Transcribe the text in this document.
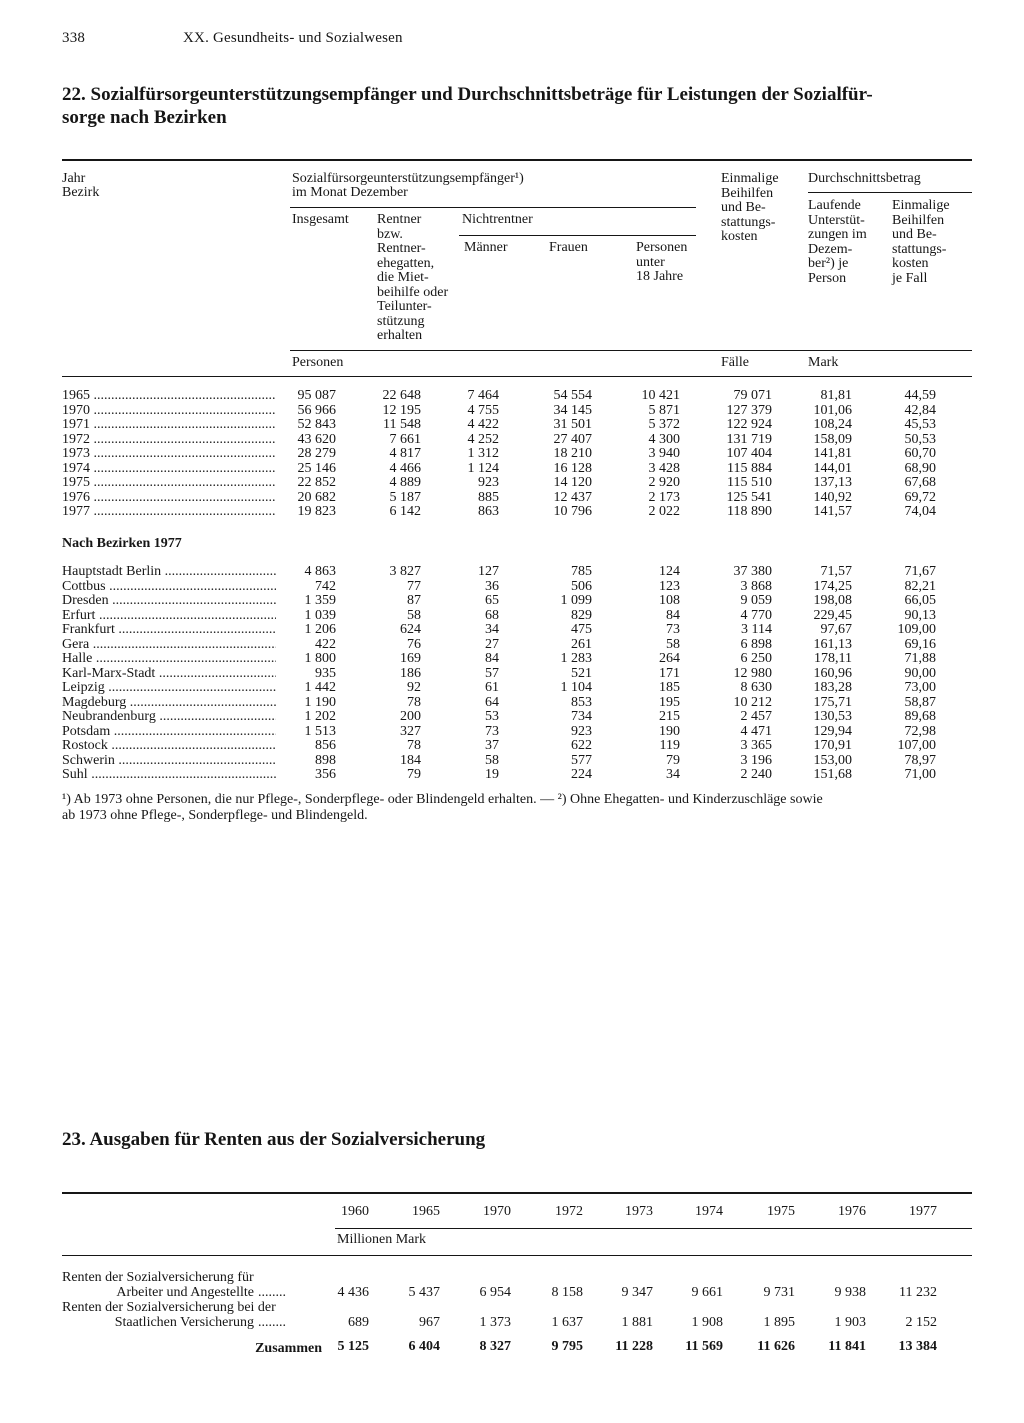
338	XX. Gesundheits- und Sozialwesen
22. Sozialfürsorgeunterstützungsempfänger und Durchschnittsbeträge für Leistungen der Sozialfür-
sorge nach Bezirken
Jahr
Bezirk
Sozialfürsorgeunterstützungsempfänger¹)
im Monat Dezember
Insgesamt Rentner
bzw.
Rentner-
ehegatten,
die Miet-
beihilfe oder
Teilunter-
stützung
erhalten
Nichtrentner
Männer	Frauen	Personen
unter
18 Jahre
Einmalige
Beihilfen
und Be-
stattungs-
kosten
Durchschnittsbetrag
Laufende
Unterstüt-
zungen im
Dezem-
ber²) je
Person
Einmalige
Beihilfen
und Be-
stattungs-
kosten
je Fall
Personen	Fälle	Mark
1965 .....	95 087	22 648	7 464	54 554	10 421	79 071	81,81	44,59
1970 .....	56 966	12 195	4 755	34 145	5 871	127 379	101,06	42,84
1971 .....	52 843	11 548	4 422	31 501	5 372	122 924	108,24	45,53
1972 .....	43 620	7 661	4 252	27 407	4 300	131 719	158,09	50,53
1973 .....	28 279	4 817	1 312	18 210	3 940	107 404	141,81	60,70
1974 .....	25 146	4 466	1 124	16 128	3 428	115 884	144,01	68,90
1975 .....	22 852	4 889	923	14 120	2 920	115 510	137,13	67,68
1976 .....	20 682	5 187	885	12 437	2 173	125 541	140,92	69,72
1977 .....	19 823	6 142	863	10 796	2 022	118 890	141,57	74,04
Hauptstadt Berlin .....	4 863	3 827	127	785	124	37 380	71,57	71,67
Cottbus .....	742	77	36	506	123	3 868	174,25	82,21
Dresden .....	1 359	87	65	1 099	108	9 059	198,08	66,05
Erfurt .....	1 039	58	68	829	84	4 770	229,45	90,13
Frankfurt .....	1 206	624	34	475	73	3 114	97,67	109,00
Gera .....	422	76	27	261	58	6 898	161,13	69,16
Halle .....	1 800	169	84	1 283	264	6 250	178,11	71,88
Karl-Marx-Stadt .....	935	186	57	521	171	12 980	160,96	90,00
Leipzig .....	1 442	92	61	1 104	185	8 630	183,28	73,00
Magdeburg .....	1 190	78	64	853	195	10 212	175,71	58,87
Neubrandenburg .....	1 202	200	53	734	215	2 457	130,53	89,68
Potsdam .....	1 513	327	73	923	190	4 471	129,94	72,98
Rostock .....	856	78	37	622	119	3 365	170,91	107,00
Schwerin .....	898	184	58	577	79	3 196	153,00	78,97
Suhl .....	356	79	19	224	34	2 240	151,68	71,00
Nach Bezirken 1977
¹) Ab 1973 ohne Personen, die nur Pflege-, Sonderpflege- oder Blindengeld erhalten. — ²) Ohne Ehegatten- und Kinderzuschläge sowie
ab 1973 ohne Pflege-, Sonderpflege- und Blindengeld.
23. Ausgaben für Renten aus der Sozialversicherung
Millionen Mark
1960	1965	1970	1972	1973	1974	1975	1976	1977
Renten der Sozialversicherung für
Arbeiter und Angestellte ........	4 436	5 437	6 954	8 158	9 347	9 661	9 731	9 938	11 232
Renten der Sozialversicherung bei der
Staatlichen Versicherung ........	689	967	1 373	1 637	1 881	1 908	1 895	1 903	2 152
Zusammen	5 125	6 404	8 327	9 795	11 228	11 569	11 626	11 841	13 384
